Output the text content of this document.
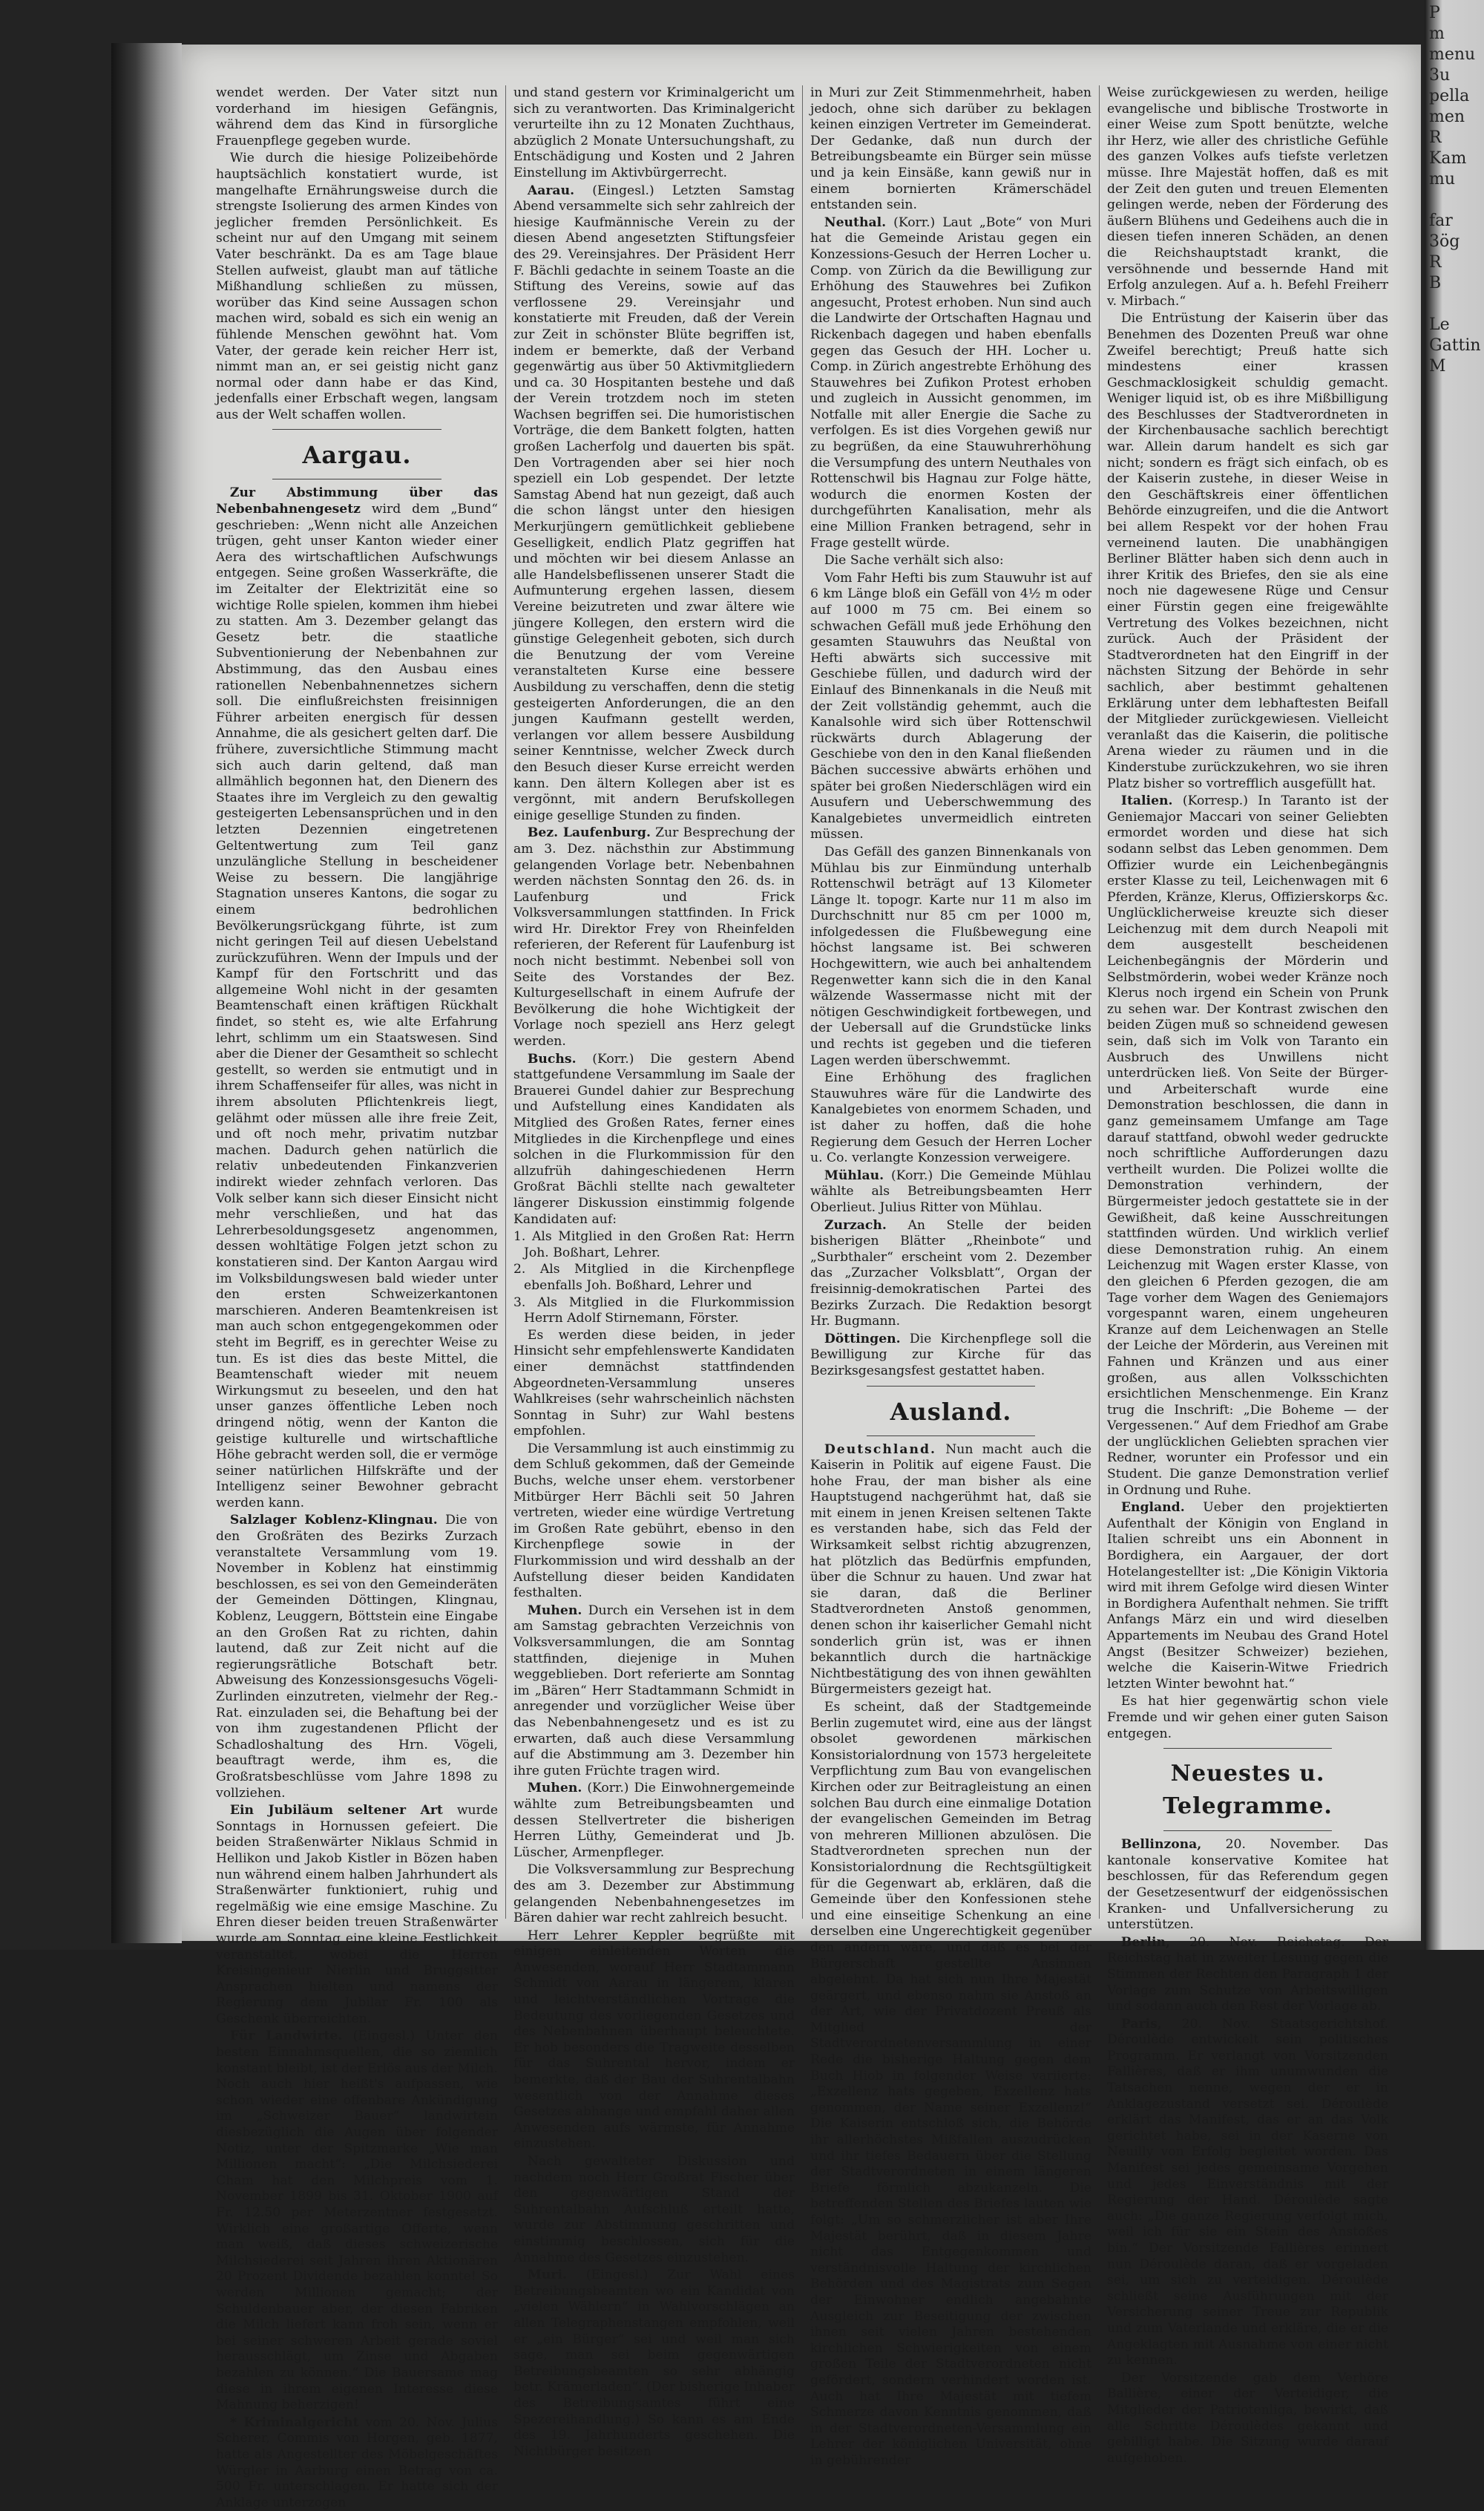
P
m
menu
3u
pella
men
R
Kam
mu

far
3ög
R
B

Le
Gattin
M

wendet werden. Der Vater sitzt nun vorderhand im hiesigen Gefängnis, während dem das Kind in fürsorgliche Frauenpflege gegeben wurde.

Wie durch die hiesige Polizeibehörde hauptsächlich konstatiert wurde, ist mangelhafte Ernährungsweise durch die strengste Isolierung des armen Kindes von jeglicher fremden Persönlichkeit. Es scheint nur auf den Umgang mit seinem Vater beschränkt. Da es am Tage blaue Stellen aufweist, glaubt man auf tätliche Mißhandlung schließen zu müssen, worüber das Kind seine Aussagen schon machen wird, sobald es sich ein wenig an fühlende Menschen gewöhnt hat. Vom Vater, der gerade kein reicher Herr ist, nimmt man an, er sei geistig nicht ganz normal oder dann habe er das Kind, jedenfalls einer Erbschaft wegen, langsam aus der Welt schaffen wollen.

Aargau.

Zur Abstimmung über das Nebenbahnengesetz wird dem „Bund“ geschrieben: „Wenn nicht alle Anzeichen trügen, geht unser Kanton wieder einer Aera des wirtschaftlichen Aufschwungs entgegen. Seine großen Wasserkräfte, die im Zeitalter der Elektrizität eine so wichtige Rolle spielen, kommen ihm hiebei zu statten. Am 3. Dezember gelangt das Gesetz betr. die staatliche Subventionierung der Nebenbahnen zur Abstimmung, das den Ausbau eines rationellen Nebenbahnennetzes sichern soll. Die einflußreichsten freisinnigen Führer arbeiten energisch für dessen Annahme, die als gesichert gelten darf. Die frühere, zuversichtliche Stimmung macht sich auch darin geltend, daß man allmählich begonnen hat, den Dienern des Staates ihre im Vergleich zu den gewaltig gesteigerten Lebensansprüchen und in den letzten Dezennien eingetretenen Geltentwertung zum Teil ganz unzulängliche Stellung in bescheidener Weise zu bessern. Die langjährige Stagnation unseres Kantons, die sogar zu einem bedrohlichen Bevölkerungsrückgang führte, ist zum nicht geringen Teil auf diesen Uebelstand zurückzuführen. Wenn der Impuls und der Kampf für den Fortschritt und das allgemeine Wohl nicht in der gesamten Beamtenschaft einen kräftigen Rückhalt findet, so steht es, wie alte Erfahrung lehrt, schlimm um ein Staatswesen. Sind aber die Diener der Gesamtheit so schlecht gestellt, so werden sie entmutigt und in ihrem Schaffenseifer für alles, was nicht in ihrem absoluten Pflichtenkreis liegt, gelähmt oder müssen alle ihre freie Zeit, und oft noch mehr, privatim nutzbar machen. Dadurch gehen natürlich die relativ unbedeutenden Finkanzverien indirekt wieder zehnfach verloren. Das Volk selber kann sich dieser Einsicht nicht mehr verschließen, und hat das Lehrerbesoldungsgesetz angenommen, dessen wohltätige Folgen jetzt schon zu konstatieren sind. Der Kanton Aargau wird im Volksbildungswesen bald wieder unter den ersten Schweizerkantonen marschieren. Anderen Beamtenkreisen ist man auch schon entgegengekommen oder steht im Begriff, es in gerechter Weise zu tun. Es ist dies das beste Mittel, die Beamtenschaft wieder mit neuem Wirkungsmut zu beseelen, und den hat unser ganzes öffentliche Leben noch dringend nötig, wenn der Kanton die geistige kulturelle und wirtschaftliche Höhe gebracht werden soll, die er vermöge seiner natürlichen Hilfskräfte und der Intelligenz seiner Bewohner gebracht werden kann.

Salzlager Koblenz-Klingnau. Die von den Großräten des Bezirks Zurzach veranstaltete Versammlung vom 19. November in Koblenz hat einstimmig beschlossen, es sei von den Gemeinderäten der Gemeinden Döttingen, Klingnau, Koblenz, Leuggern, Böttstein eine Eingabe an den Großen Rat zu richten, dahin lautend, daß zur Zeit nicht auf die regierungsrätliche Botschaft betr. Abweisung des Konzessionsgesuchs Vögeli-Zurlinden einzutreten, vielmehr der Reg.-Rat. einzuladen sei, die Behaftung bei der von ihm zugestandenen Pflicht der Schadloshaltung des Hrn. Vögeli, beauftragt werde, ihm es, die Großratsbeschlüsse vom Jahre 1898 zu vollziehen.

Ein Jubiläum seltener Art wurde Sonntags in Hornussen gefeiert. Die beiden Straßenwärter Niklaus Schmid in Hellikon und Jakob Kistler in Bözen haben nun während einem halben Jahrhundert als Straßenwärter funktioniert, ruhig und regelmäßig wie eine emsige Maschine. Zu Ehren dieser beiden treuen Straßenwärter wurde am Sonntag eine kleine Festlichkeit veranstaltet, wobei die Herren Kreisingenieur Nierlin und Bruggsitter Ansprachen hielten und namens der Regierung dem Jubilar Fr. 100 als Geschenk überreichten.

Für Landwirte. (Eingesl.) Unter den besten Einnahmsquellen, die so ziemlich konstant bleibt, ist der Erlös aus der Milch. Noch auch hier heißt's aufpassen, wie schon wieder eine offenbare Ankündigung im „Schweizer Bauer“ landwirtein diesbezüglich die Augen über folgender Notiz, unter der Spitzmarke „Wie man Millionen macht“: „Die Milchsiederei Cham hat den Milchpreis vom 1. November 1899 bis 31. Oktober 1900 auf Fr. 12.50 per Meterzentner festgesetzt. Wirklich eine großartige Offerte, wenn man weiß, daß dieses schweizerische Milchsiederei seit Jahren ihren Aktionären 20 Prozent Dividende bezahlen konnte! So werden Millionen gemacht; der Schuldenbauer aber, der diesen Fabriken die Milch liefert kann froh sein, wenn er bei seiner schweren Arbeit gerade soviel herausschlägt, um Zinse und Abgaben bezahlen zu können.“ Die Bauersame mag diese in ihrem eigenen Interesse diese Mahnung beherzigen!

* Kriminalgericht vom 20. Nov. Julius Scherer, Commis von Horgen, geb. 1877, hatte als Angestellter des Möbelgeschäftes Würgler in Aarburg einen Betrag von ca. 500 Fr. unterschlagen. Er hatte sich der Anklage unterzogen

und stand gestern vor Kriminalgericht um sich zu verantworten. Das Kriminalgericht verurteilte ihn zu 12 Monaten Zuchthaus, abzüglich 2 Monate Untersuchungshaft, zu Entschädigung und Kosten und 2 Jahren Einstellung im Aktivbürgerrecht.

Aarau. (Eingesl.) Letzten Samstag Abend versammelte sich sehr zahlreich der hiesige Kaufmännische Verein zu der diesen Abend angesetzten Stiftungsfeier des 29. Vereinsjahres. Der Präsident Herr F. Bächli gedachte in seinem Toaste an die Stiftung des Vereins, sowie auf das verflossene 29. Vereinsjahr und konstatierte mit Freuden, daß der Verein zur Zeit in schönster Blüte begriffen ist, indem er bemerkte, daß der Verband gegenwärtig aus über 50 Aktivmitgliedern und ca. 30 Hospitanten bestehe und daß der Verein trotzdem noch im steten Wachsen begriffen sei. Die humoristischen Vorträge, die dem Bankett folgten, hatten großen Lacherfolg und dauerten bis spät. Den Vortragenden aber sei hier noch speziell ein Lob gespendet. Der letzte Samstag Abend hat nun gezeigt, daß auch die schon längst unter den hiesigen Merkurjüngern gemütlichkeit gebliebene Geselligkeit, endlich Platz gegriffen hat und möchten wir bei diesem Anlasse an alle Handelsbeflissenen unserer Stadt die Aufmunterung ergehen lassen, diesem Vereine beizutreten und zwar ältere wie jüngere Kollegen, den erstern wird die günstige Gelegenheit geboten, sich durch die Benutzung der vom Vereine veranstalteten Kurse eine bessere Ausbildung zu verschaffen, denn die stetig gesteigerten Anforderungen, die an den jungen Kaufmann gestellt werden, verlangen vor allem bessere Ausbildung seiner Kenntnisse, welcher Zweck durch den Besuch dieser Kurse erreicht werden kann. Den ältern Kollegen aber ist es vergönnt, mit andern Berufskollegen einige gesellige Stunden zu finden.

Bez. Laufenburg. Zur Besprechung der am 3. Dez. nächsthin zur Abstimmung gelangenden Vorlage betr. Nebenbahnen werden nächsten Sonntag den 26. ds. in Laufenburg und Frick Volksversammlungen stattfinden. In Frick wird Hr. Direktor Frey von Rheinfelden referieren, der Referent für Laufenburg ist noch nicht bestimmt. Nebenbei soll von Seite des Vorstandes der Bez. Kulturgesellschaft in einem Aufrufe der Bevölkerung die hohe Wichtigkeit der Vorlage noch speziell ans Herz gelegt werden.

Buchs. (Korr.) Die gestern Abend stattgefundene Versammlung im Saale der Brauerei Gundel dahier zur Besprechung und Aufstellung eines Kandidaten als Mitglied des Großen Rates, ferner eines Mitgliedes in die Kirchenpflege und eines solchen in die Flurkommission für den allzufrüh dahingeschiedenen Herrn Großrat Bächli stellte nach gewalteter längerer Diskussion einstimmig folgende Kandidaten auf:

1. Als Mitglied in den Großen Rat: Herrn Joh. Boßhart, Lehrer.
2. Als Mitglied in die Kirchenpflege ebenfalls Joh. Boßhard, Lehrer und
3. Als Mitglied in die Flurkommission Herrn Adolf Stirnemann, Förster.

Es werden diese beiden, in jeder Hinsicht sehr empfehlenswerte Kandidaten einer demnächst stattfindenden Abgeordneten-Versammlung unseres Wahlkreises (sehr wahrscheinlich nächsten Sonntag in Suhr) zur Wahl bestens empfohlen.

Die Versammlung ist auch einstimmig zu dem Schluß gekommen, daß der Gemeinde Buchs, welche unser ehem. verstorbener Mitbürger Herr Bächli seit 50 Jahren vertreten, wieder eine würdige Vertretung im Großen Rate gebührt, ebenso in den Kirchenpflege sowie in der Flurkommission und wird desshalb an der Aufstellung dieser beiden Kandidaten festhalten.

Muhen. Durch ein Versehen ist in dem am Samstag gebrachten Verzeichnis von Volksversammlungen, die am Sonntag stattfinden, diejenige in Muhen weggeblieben. Dort referierte am Sonntag im „Bären“ Herr Stadtammann Schmidt in anregender und vorzüglicher Weise über das Nebenbahnengesetz und es ist zu erwarten, daß auch diese Versammlung auf die Abstimmung am 3. Dezember hin ihre guten Früchte tragen wird.

Muhen. (Korr.) Die Einwohnergemeinde wählte zum Betreibungsbeamten und dessen Stellvertreter die bisherigen Herren Lüthy, Gemeinderat und Jb. Lüscher, Armenpfleger.

Die Volksversammlung zur Besprechung des am 3. Dezember zur Abstimmung gelangenden Nebenbahnengesetzes im Bären dahier war recht zahlreich besucht.

Herr Lehrer Keppler begrüßte mit einigen einleitenden Worten die Anwesenden, worauf Herr Stadtammann Schmidt von Aarau in längerem, klaren und leichtverständlichen Vortrage die Bedeutung des vorliegenden Gesetzes und des Nebenbahnen überhaupt beleuchtete. Er hob besonders die Tragweite desselben für das Suhrental hervor, indem er bemerkte, daß der Bau der Suhrentalbahn wesentlich von der Annahme dieses Gesetzes abhange und empfahl daher allen Anwesenden aufs wärmste, für Annahme einzustehen.

Nach gewalteter Diskussion und nachdem noch Herr Großrat Fischer über den gegenwärtigen Stand der Suhrentalbahn Aufschluß erteilt hatte, wurde zur Abstimmung geschritten und einstimmig beschlossen, sich für die Annahme des Gesetzes einzustehen.

Muri. (Eingesl.) Zur Wahl eines Betreibungsbeamten wo ein Kandidat von „vielen Wählern“ in Wahlvorschlägen an allen Telegraphenstangen empfohlen, weil er „ein Bürger“ sei und weil man sich sage, man sei beim gegenwärtigen Betreibungsbeamten so sehr abhängig betr. Krämerladen“. (Der bisherige Inhaber des Betreibungsamtes führt eine Spezereihandlung.) So kann es am Ende des 19. Jahrhunderts geschehen. Die Nichtbürger besitzen

in Muri zur Zeit Stimmenmehrheit, haben jedoch, ohne sich darüber zu beklagen keinen einzigen Vertreter im Gemeinderat. Der Gedanke, daß nun durch der Betreibungsbeamte ein Bürger sein müsse und ja kein Einsäße, kann gewiß nur in einem bornierten Krämerschädel entstanden sein.

Neuthal. (Korr.) Laut „Bote“ von Muri hat die Gemeinde Aristau gegen ein Konzessions-Gesuch der Herren Locher u. Comp. von Zürich da die Bewilligung zur Erhöhung des Stauwehres bei Zufikon angesucht, Protest erhoben. Nun sind auch die Landwirte der Ortschaften Hagnau und Rickenbach dagegen und haben ebenfalls gegen das Gesuch der HH. Locher u. Comp. in Zürich angestrebte Erhöhung des Stauwehres bei Zufikon Protest erhoben und zugleich in Aussicht genommen, im Notfalle mit aller Energie die Sache zu verfolgen. Es ist dies Vorgehen gewiß nur zu begrüßen, da eine Stauwuhrerhöhung die Versumpfung des untern Neuthales von Rottenschwil bis Hagnau zur Folge hätte, wodurch die enormen Kosten der durchgeführten Kanalisation, mehr als eine Million Franken betragend, sehr in Frage gestellt würde.

Die Sache verhält sich also:

Vom Fahr Hefti bis zum Stauwuhr ist auf 6 km Länge bloß ein Gefäll von 4½ m oder auf 1000 m 75 cm. Bei einem so schwachen Gefäll muß jede Erhöhung den gesamten Stauwuhrs das Neußtal von Hefti abwärts sich successive mit Geschiebe füllen, und dadurch wird der Einlauf des Binnenkanals in die Neuß mit der Zeit vollständig gehemmt, auch die Kanalsohle wird sich über Rottenschwil rückwärts durch Ablagerung der Geschiebe von den in den Kanal fließenden Bächen successive abwärts erhöhen und später bei großen Niederschlägen wird ein Ausufern und Ueberschwemmung des Kanalgebietes unvermeidlich eintreten müssen.

Das Gefäll des ganzen Binnenkanals von Mühlau bis zur Einmündung unterhalb Rottenschwil beträgt auf 13 Kilometer Länge lt. topogr. Karte nur 11 m also im Durchschnitt nur 85 cm per 1000 m, infolgedessen die Flußbewegung eine höchst langsame ist. Bei schweren Hochgewittern, wie auch bei anhaltendem Regenwetter kann sich die in den Kanal wälzende Wassermasse nicht mit der nötigen Geschwindigkeit fortbewegen, und der Uebersall auf die Grundstücke links und rechts ist gegeben und die tieferen Lagen werden überschwemmt.

Eine Erhöhung des fraglichen Stauwuhres wäre für die Landwirte des Kanalgebietes von enormem Schaden, und ist daher zu hoffen, daß die hohe Regierung dem Gesuch der Herren Locher u. Co. verlangte Konzession verweigere.

Mühlau. (Korr.) Die Gemeinde Mühlau wählte als Betreibungsbeamten Herr Oberlieut. Julius Ritter von Mühlau.

Zurzach. An Stelle der beiden bisherigen Blätter „Rheinbote“ und „Surbthaler“ erscheint vom 2. Dezember das „Zurzacher Volksblatt“, Organ der freisinnig-demokratischen Partei des Bezirks Zurzach. Die Redaktion besorgt Hr. Bugmann.

Döttingen. Die Kirchenpflege soll die Bewilligung zur Kirche für das Bezirksgesangsfest gestattet haben.

Ausland.

Deutschland. Nun macht auch die Kaiserin in Politik auf eigene Faust. Die hohe Frau, der man bisher als eine Hauptstugend nachgerühmt hat, daß sie mit einem in jenen Kreisen seltenen Takte es verstanden habe, sich das Feld der Wirksamkeit selbst richtig abzugrenzen, hat plötzlich das Bedürfnis empfunden, über die Schnur zu hauen. Und zwar hat sie daran, daß die Berliner Stadtverordneten Anstoß genommen, denen schon ihr kaiserlicher Gemahl nicht sonderlich grün ist, was er ihnen bekanntlich durch die hartnäckige Nichtbestätigung des von ihnen gewählten Bürgermeisters gezeigt hat.

Es scheint, daß der Stadtgemeinde Berlin zugemutet wird, eine aus der längst obsolet gewordenen märkischen Konsistorialordnung von 1573 hergeleitete Verpflichtung zum Bau von evangelischen Kirchen oder zur Beitragleistung an einen solchen Bau durch eine einmalige Dotation der evangelischen Gemeinden im Betrag von mehreren Millionen abzulösen. Die Stadtverordneten sprechen nun der Konsistorialordnung die Rechtsgültigkeit für die Gegenwart ab, erklären, daß die Gemeinde über den Konfessionen stehe und eine einseitige Schenkung an eine derselben eine Ungerechtigkeit gegenüber den andern wäre, und daß es bei der Bürgerschaft gestellte Ansinnen abgelehnt. Da hat sich nun Ihre Majestät geärgert, und ebenso nahm sie Anstoß an der Art, wie der Privatdozent Preuß als Mitglied der Stadtverordnetenversammlung in einer Rede die bisherige Haltung gegen dem Buch Hiob in folgender Weise variierte: „Exzellenz hats gegeben, Exzellenz hats genommen, der Name seiner Exzellenz!“ Die Kaiserin entschloß sich, die Behörde ihr allerhöchstes Mißfallen auszudrücken und ihr tiefes Bedauern über die Stellung der Stadtverordneten in einem längeren Briefe förmlich abzukanzeln. Die betreffenden Stellen des Briefes lauten wie folgt: „Um so schmerzlicher ist aber Ihre Majestät berührt, daß in diesem Jahre nicht das Entgegenkommen und verständnisvolle Haltung der kirchlichen Behörden und des Magistrats zum Segen der Einwohner endlich angebahnte Ausgleich zur Beseitigung der zwischen ihnen seit vielen Jahren bestehenden kirchlichen Schwierigkeiten von einem großen Teile der Stadtverordneten nicht gefördert, sondern verhindert worden ist. Auch hat Ihre Majestät mit tiefem Schmerze davon Kenntnis genommen, daß in der Stadtverordneten-Versammlung ein Lehrer der königlichen Universität, ohne in gebührender

Weise zurückgewiesen zu werden, heilige evangelische und biblische Trostworte in einer Weise zum Spott benützte, welche ihr Herz, wie aller des christliche Gefühle des ganzen Volkes aufs tiefste verletzen müsse. Ihre Majestät hoffen, daß es mit der Zeit den guten und treuen Elementen gelingen werde, neben der Förderung des äußern Blühens und Gedeihens auch die in diesen tiefen inneren Schäden, an denen die Reichshauptstadt krankt, die versöhnende und bessernde Hand mit Erfolg anzulegen. Auf a. h. Befehl Freiherr v. Mirbach.“

Die Entrüstung der Kaiserin über das Benehmen des Dozenten Preuß war ohne Zweifel berechtigt; Preuß hatte sich mindestens einer krassen Geschmacklosigkeit schuldig gemacht. Weniger liquid ist, ob es ihre Mißbilligung des Beschlusses der Stadtverordneten in der Kirchenbausache sachlich berechtigt war. Allein darum handelt es sich gar nicht; sondern es frägt sich einfach, ob es der Kaiserin zustehe, in dieser Weise in den Geschäftskreis einer öffentlichen Behörde einzugreifen, und die die Antwort bei allem Respekt vor der hohen Frau verneinend lauten. Die unabhängigen Berliner Blätter haben sich denn auch in ihrer Kritik des Briefes, den sie als eine noch nie dagewesene Rüge und Censur einer Fürstin gegen eine freigewählte Vertretung des Volkes bezeichnen, nicht zurück. Auch der Präsident der Stadtverordneten hat den Eingriff in der nächsten Sitzung der Behörde in sehr sachlich, aber bestimmt gehaltenen Erklärung unter dem lebhaftesten Beifall der Mitglieder zurückgewiesen. Vielleicht veranlaßt das die Kaiserin, die politische Arena wieder zu räumen und in die Kinderstube zurückzukehren, wo sie ihren Platz bisher so vortrefflich ausgefüllt hat.

Italien. (Korresp.) In Taranto ist der Geniemajor Maccari von seiner Geliebten ermordet worden und diese hat sich sodann selbst das Leben genommen. Dem Offizier wurde ein Leichenbegängnis erster Klasse zu teil, Leichenwagen mit 6 Pferden, Kränze, Klerus, Offizierskorps &c. Unglücklicherweise kreuzte sich dieser Leichenzug mit dem durch Neapoli mit dem ausgestellt bescheidenen Leichenbegängnis der Mörderin und Selbstmörderin, wobei weder Kränze noch Klerus noch irgend ein Schein von Prunk zu sehen war. Der Kontrast zwischen den beiden Zügen muß so schneidend gewesen sein, daß sich im Volk von Taranto ein Ausbruch des Unwillens nicht unterdrücken ließ. Von Seite der Bürger- und Arbeiterschaft wurde eine Demonstration beschlossen, die dann in ganz gemeinsamem Umfange am Tage darauf stattfand, obwohl weder gedruckte noch schriftliche Aufforderungen dazu vertheilt wurden. Die Polizei wollte die Demonstration verhindern, der Bürgermeister jedoch gestattete sie in der Gewißheit, daß keine Ausschreitungen stattfinden würden. Und wirklich verlief diese Demonstration ruhig. An einem Leichenzug mit Wagen erster Klasse, von den gleichen 6 Pferden gezogen, die am Tage vorher dem Wagen des Geniemajors vorgespannt waren, einem ungeheuren Kranze auf dem Leichenwagen an Stelle der Leiche der Mörderin, aus Vereinen mit Fahnen und Kränzen und aus einer großen, aus allen Volksschichten ersichtlichen Menschenmenge. Ein Kranz trug die Inschrift: „Die Boheme — der Vergessenen.“ Auf dem Friedhof am Grabe der unglücklichen Geliebten sprachen vier Redner, worunter ein Professor und ein Student. Die ganze Demonstration verlief in Ordnung und Ruhe.

England. Ueber den projektierten Aufenthalt der Königin von England in Italien schreibt uns ein Abonnent in Bordighera, ein Aargauer, der dort Hotelangestellter ist: „Die Königin Viktoria wird mit ihrem Gefolge wird diesen Winter in Bordighera Aufenthalt nehmen. Sie trifft Anfangs März ein und wird dieselben Appartements im Neubau des Grand Hotel Angst (Besitzer Schweizer) beziehen, welche die Kaiserin-Witwe Friedrich letzten Winter bewohnt hat.“

Es hat hier gegenwärtig schon viele Fremde und wir gehen einer guten Saison entgegen.

Neuestes u. Telegramme.

Bellinzona, 20. November. Das kantonale konservative Komitee hat beschlossen, für das Referendum gegen der Gesetzesentwurf der eidgenössischen Kranken- und Unfallversicherung zu unterstützen.

Berlin, 20. Nov. Reichstag. Der Reichstag hat in zweiter Lesung gegen die Stimmen der Rechten den Paragraph 1 der Vorlage zum Schutze von Arbeitswilligen und sodann auch den Rest der Vorlage ab.

Paris, 20. Nov. Staatsgerichtshof. Déroulède entwickelt sein politisches Programm. Er verlangt von Vorsitzenden Fallières, daß er ihm unumwunden die Tatsachen nenne, wegen der er in Anklagezustand versetzt sei. Déroulède erklärt das Manifest, das er an das Volk gerichtet habe, sei in der Kaserne von Neuilly von Erfolg begleitet worden. Das Manifest sei jedes gemeinsame Vorgehen und jedes Einverständnis mit der Regierung der Hand. Déroulède sagte auch: „Die ganze Regierung verfolgt mich, weil ich für sie ein Stein des Anstoßes bin.“ Der Vorsitzende Fallières erinnert nun Déroulède daran, daß er vorgeladen sei, um sich zu verteidigen. Déroulède schließt seine Ausführungen mit der Versicherung seiner Treue zur Republik und zum Vaterlande und erkläre, die er die Angeklagten mit Ausnahme von einer nicht zu kennen.

Der Vorsitzende gab dem Verhöre Ballière, einer der Verteidiger, die Mitglieder der Patriotenliga, bewirkt, daß alle Schritte Déroulèdes gekannt und gebilligt habe. Die Sitzung wurde darauf aufgehoben.
